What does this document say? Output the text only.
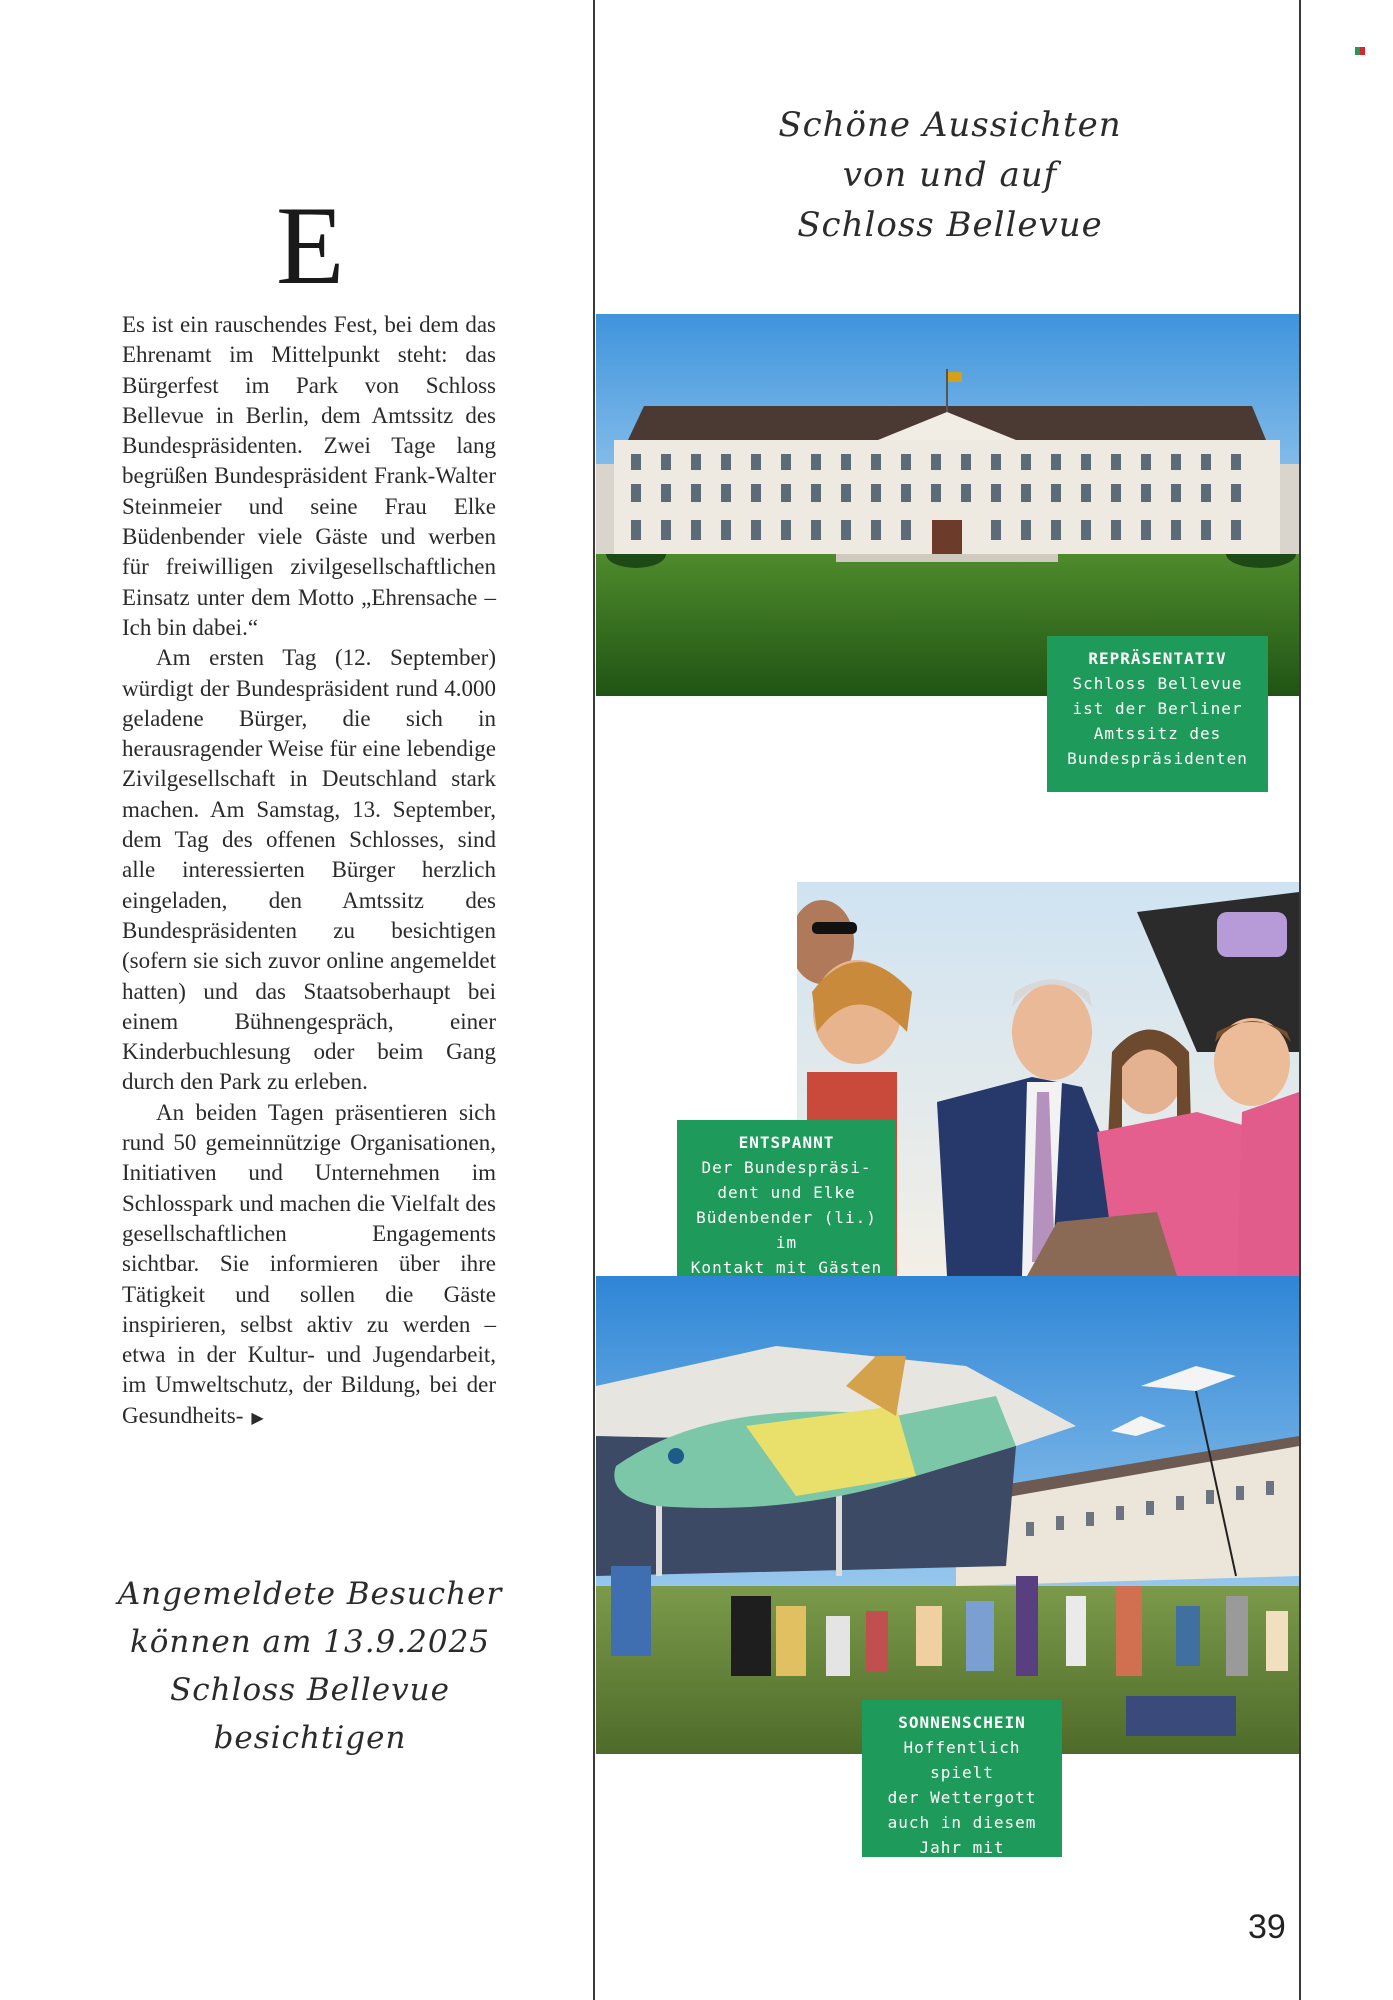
E

Es ist ein rauschendes Fest, bei dem das Ehrenamt im Mittelpunkt steht: das Bürgerfest im Park von Schloss Bellevue in Berlin, dem Amtssitz des Bundespräsidenten. Zwei Tage lang begrüßen Bundespräsident Frank-Walter Steinmeier und seine Frau Elke Büdenbender viele Gäste und werben für freiwilligen zivilgesellschaftlichen Einsatz unter dem Motto „Ehrensache – Ich bin dabei.“

Am ersten Tag (12. September) würdigt der Bundespräsident rund 4.000 geladene Bürger, die sich in herausragender Weise für eine lebendige Zivilgesellschaft in Deutschland stark machen. Am Samstag, 13. September, dem Tag des offenen Schlosses, sind alle interessierten Bürger herzlich eingeladen, den Amtssitz des Bundespräsidenten zu besichtigen (sofern sie sich zuvor online angemeldet hatten) und das Staatsoberhaupt bei einem Bühnengespräch, einer Kinderbuchlesung oder beim Gang durch den Park zu erleben.

An beiden Tagen präsentieren sich rund 50 gemeinnützige Organisationen, Initiativen und Unternehmen im Schlosspark und machen die Vielfalt des gesellschaftlichen Engagements sichtbar. Sie informieren über ihre Tätigkeit und sollen die Gäste inspirieren, selbst aktiv zu werden – etwa in der Kultur- und Jugendarbeit, im Umweltschutz, der Bildung, bei der Gesundheits- ▶

Schöne Aussichten
von und auf
Schloss Bellevue
Angemeldete Besucher
können am 13.9.2025
Schloss Bellevue
besichtigen
REPRÄSENTATIV
Schloss Bellevue
ist der Berliner
Amtssitz des
Bundespräsidenten
ENTSPANNT
Der Bundespräsi-
dent und Elke
Büdenbender (li.) im
Kontakt mit Gästen
SONNENSCHEIN
Hoffentlich spielt
der Wettergott
auch in diesem
Jahr mit
39
